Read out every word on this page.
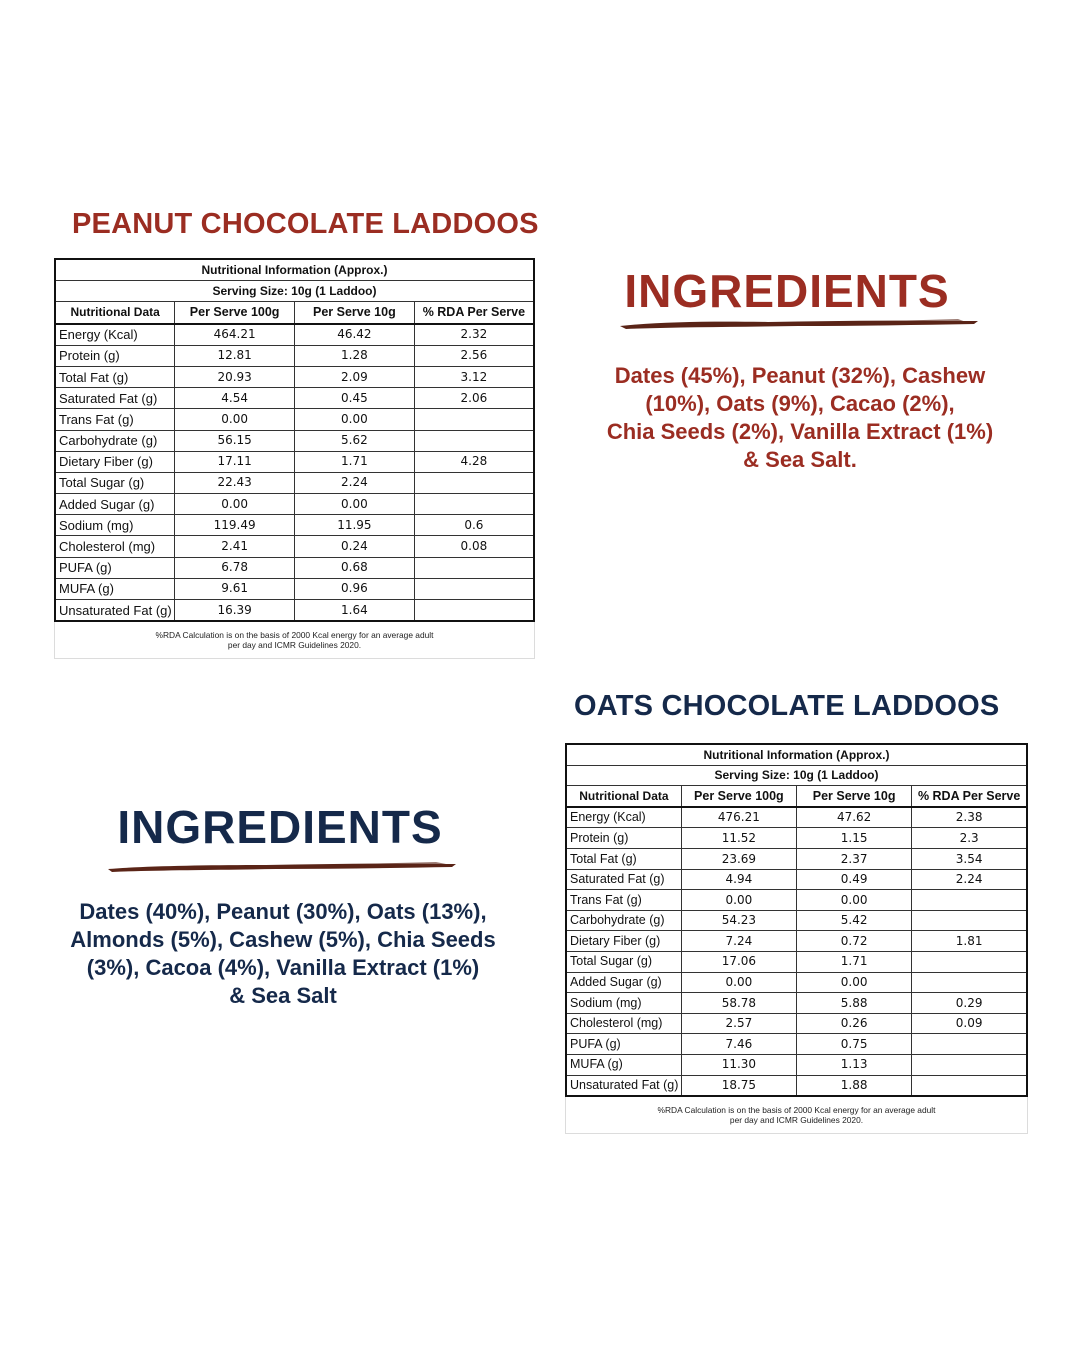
PEANUT CHOCOLATE LADDOOS
Nutritional Information (Approx.)			
Serving Size: 10g (1 Laddoo)			
Nutritional Data	Per Serve 100g	Per Serve 10g	% RDA Per Serve
Energy (Kcal)	464.21	46.42	2.32
Protein (g)	12.81	1.28	2.56
Total Fat (g)	20.93	2.09	3.12
Saturated Fat (g)	4.54	0.45	2.06
Trans Fat (g)	0.00	0.00	
Carbohydrate (g)	56.15	5.62	
Dietary Fiber (g)	17.11	1.71	4.28
Total Sugar (g)	22.43	2.24	
Added Sugar (g)	0.00	0.00	
Sodium (mg)	119.49	11.95	0.6
Cholesterol (mg)	2.41	0.24	0.08
PUFA (g)	6.78	0.68	
MUFA (g)	9.61	0.96	
Unsaturated Fat (g)	16.39	1.64	
%RDA Calculation is on the basis of 2000 Kcal energy for an average adult
per day and ICMR Guidelines 2020.
INGREDIENTS

Dates (45%), Peanut (32%), Cashew
(10%), Oats (9%), Cacao (2%),
Chia Seeds (2%), Vanilla Extract (1%)
& Sea Salt.

OATS CHOCOLATE LADDOOS
Nutritional Information (Approx.)			
Serving Size: 10g (1 Laddoo)			
Nutritional Data	Per Serve 100g	Per Serve 10g	% RDA Per Serve
Energy (Kcal)	476.21	47.62	2.38
Protein (g)	11.52	1.15	2.3
Total Fat (g)	23.69	2.37	3.54
Saturated Fat (g)	4.94	0.49	2.24
Trans Fat (g)	0.00	0.00	
Carbohydrate (g)	54.23	5.42	
Dietary Fiber (g)	7.24	0.72	1.81
Total Sugar (g)	17.06	1.71	
Added Sugar (g)	0.00	0.00	
Sodium (mg)	58.78	5.88	0.29
Cholesterol (mg)	2.57	0.26	0.09
PUFA (g)	7.46	0.75	
MUFA (g)	11.30	1.13	
Unsaturated Fat (g)	18.75	1.88	
%RDA Calculation is on the basis of 2000 Kcal energy for an average adult
per day and ICMR Guidelines 2020.
INGREDIENTS

Dates (40%), Peanut (30%), Oats (13%),
Almonds (5%), Cashew (5%), Chia Seeds
(3%), Cacoa (4%), Vanilla Extract (1%)
& Sea Salt
